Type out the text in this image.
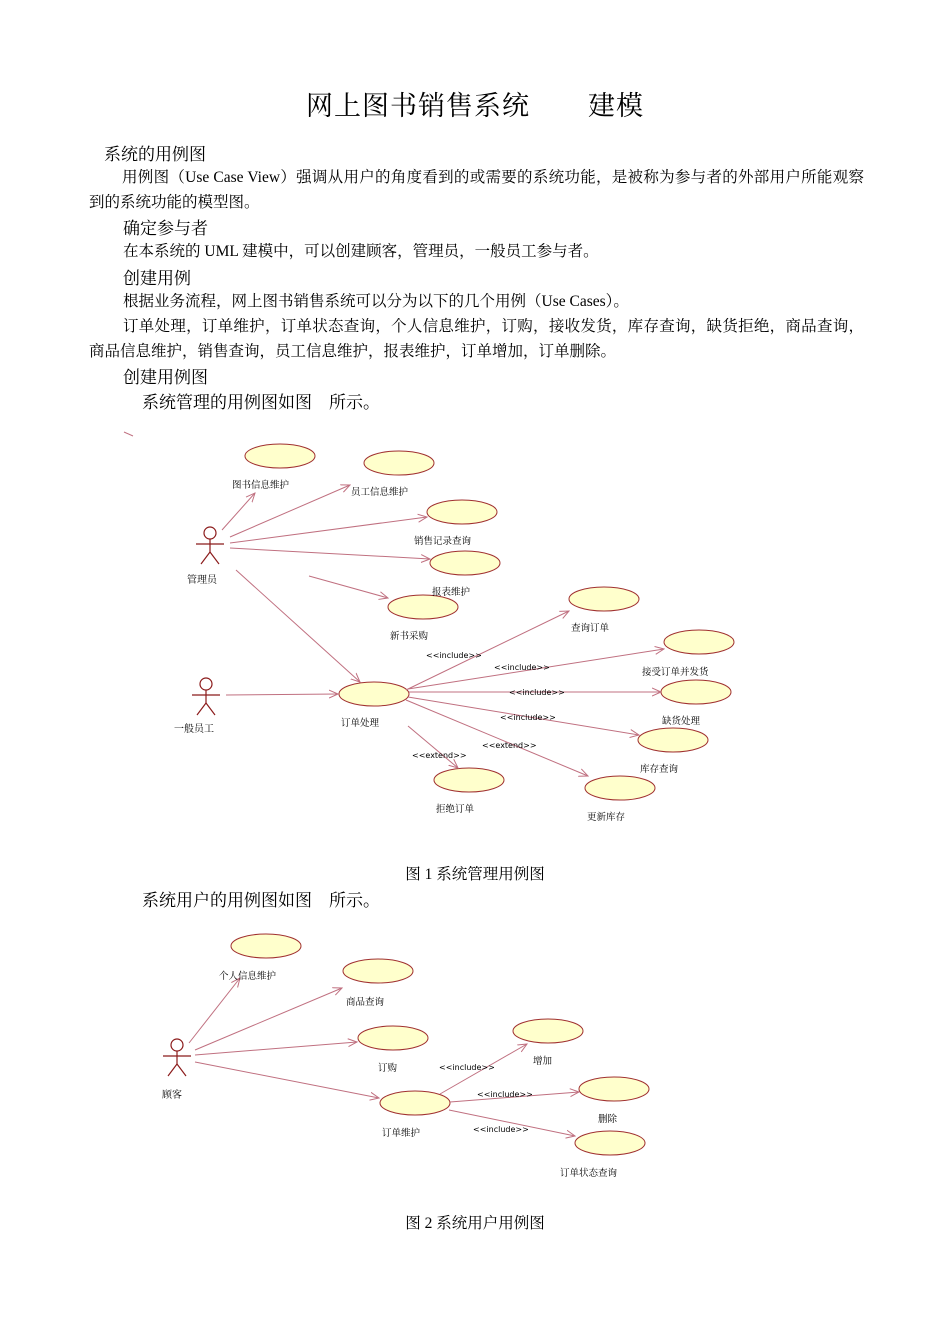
网上图书销售系统 建模
系统的用例图
用例图（Use Case View）强调从用户的角度看到的或需要的系统功能，是被称为参与者的外部用户所能观察到的系统功能的模型图。
确定参与者
在本系统的 UML 建模中，可以创建顾客，管理员，一般员工参与者。
创建用例
根据业务流程，网上图书销售系统可以分为以下的几个用例（Use Cases）。
订单处理，订单维护，订单状态查询，个人信息维护，订购，接收发货，库存查询，缺货拒绝，商品查询，商品信息维护，销售查询，员工信息维护，报表维护，订单增加，订单删除。
创建用例图
系统管理的用例图如图　所示。
管理员
一般员工
图书信息维护
员工信息维护
销售记录查询
报表维护
新书采购
订单处理
查询订单
接受订单并发货
缺货处理
库存查询
更新库存
拒绝订单
<<include>>
<<include>>
<<include>>
<<include>>
<<extend>>
<<extend>>
顾客
个人信息维护
商品查询
订购
订单维护
增加
删除
订单状态查询
<<include>>
<<include>>
<<include>>
图 1 系统管理用例图
系统用户的用例图如图　所示。
图 2 系统用户用例图
